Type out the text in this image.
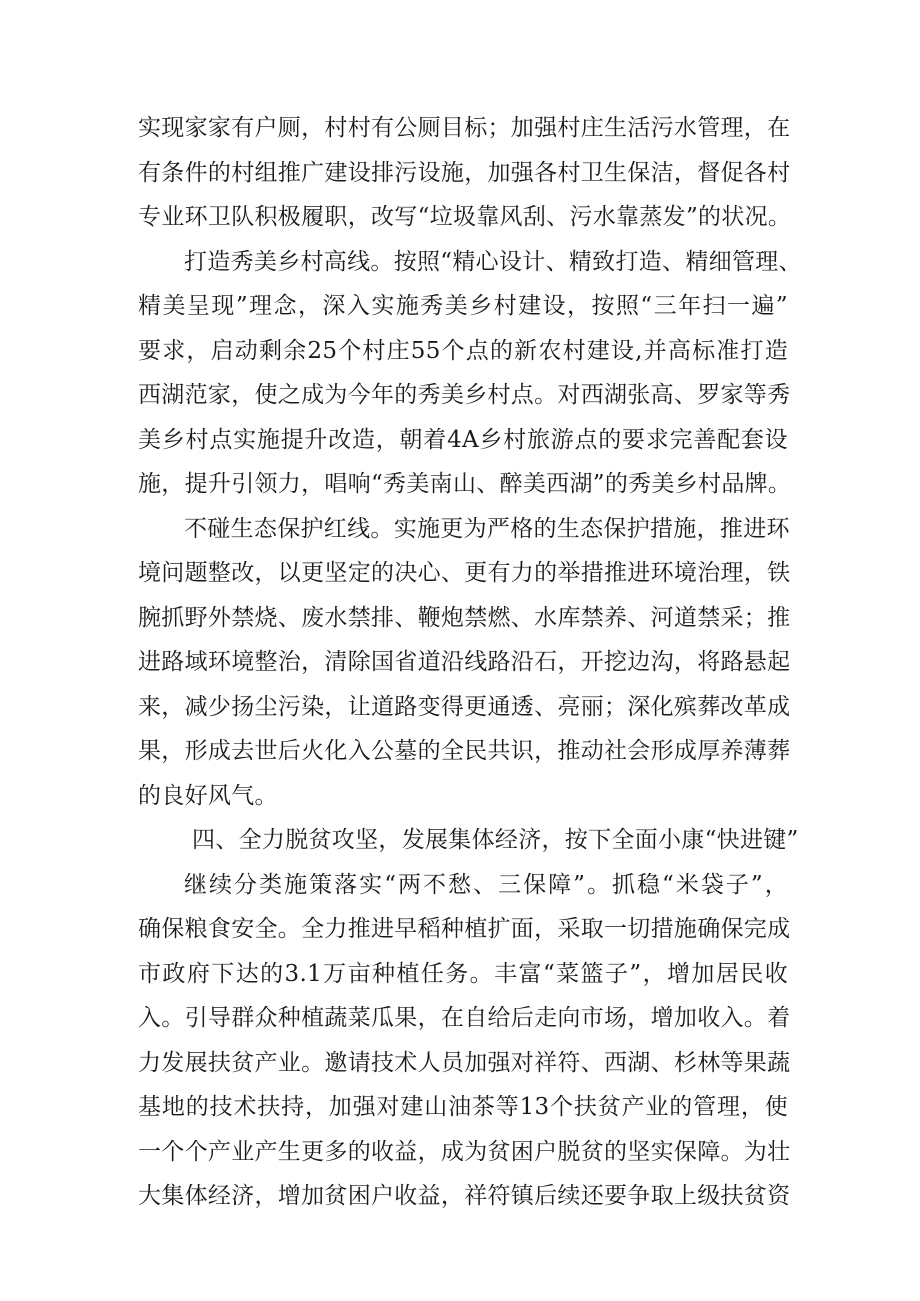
实现家家有户厕，村村有公厕目标；加强村庄生活污水管理，在
有条件的村组推广建设排污设施，加强各村卫生保洁，督促各村
专业环卫队积极履职，改写“垃圾靠风刮、污水靠蒸发”的状况。
打造秀美乡村高线。按照“精心设计、精致打造、精细管理、
精美呈现”理念，深入实施秀美乡村建设，按照“三年扫一遍”
要求，启动剩余25个村庄55个点的新农村建设,并高标准打造
西湖范家，使之成为今年的秀美乡村点。对西湖张高、罗家等秀
美乡村点实施提升改造，朝着4A乡村旅游点的要求完善配套设
施，提升引领力，唱响“秀美南山、醉美西湖”的秀美乡村品牌。
不碰生态保护红线。实施更为严格的生态保护措施，推进环
境问题整改，以更坚定的决心、更有力的举措推进环境治理，铁
腕抓野外禁烧、废水禁排、鞭炮禁燃、水库禁养、河道禁采；推
进路域环境整治，清除国省道沿线路沿石，开挖边沟，将路悬起
来，减少扬尘污染，让道路变得更通透、亮丽；深化殡葬改革成
果，形成去世后火化入公墓的全民共识，推动社会形成厚养薄葬
的良好风气。
四、全力脱贫攻坚，发展集体经济，按下全面小康“快进键”
继续分类施策落实“两不愁、三保障”。抓稳“米袋子”，
确保粮食安全。全力推进早稻种植扩面，采取一切措施确保完成
市政府下达的3.1万亩种植任务。丰富“菜篮子”，增加居民收
入。引导群众种植蔬菜瓜果，在自给后走向市场，增加收入。着
力发展扶贫产业。邀请技术人员加强对祥符、西湖、杉林等果蔬
基地的技术扶持，加强对建山油茶等13个扶贫产业的管理，使
一个个产业产生更多的收益，成为贫困户脱贫的坚实保障。为壮
大集体经济，增加贫困户收益，祥符镇后续还要争取上级扶贫资
